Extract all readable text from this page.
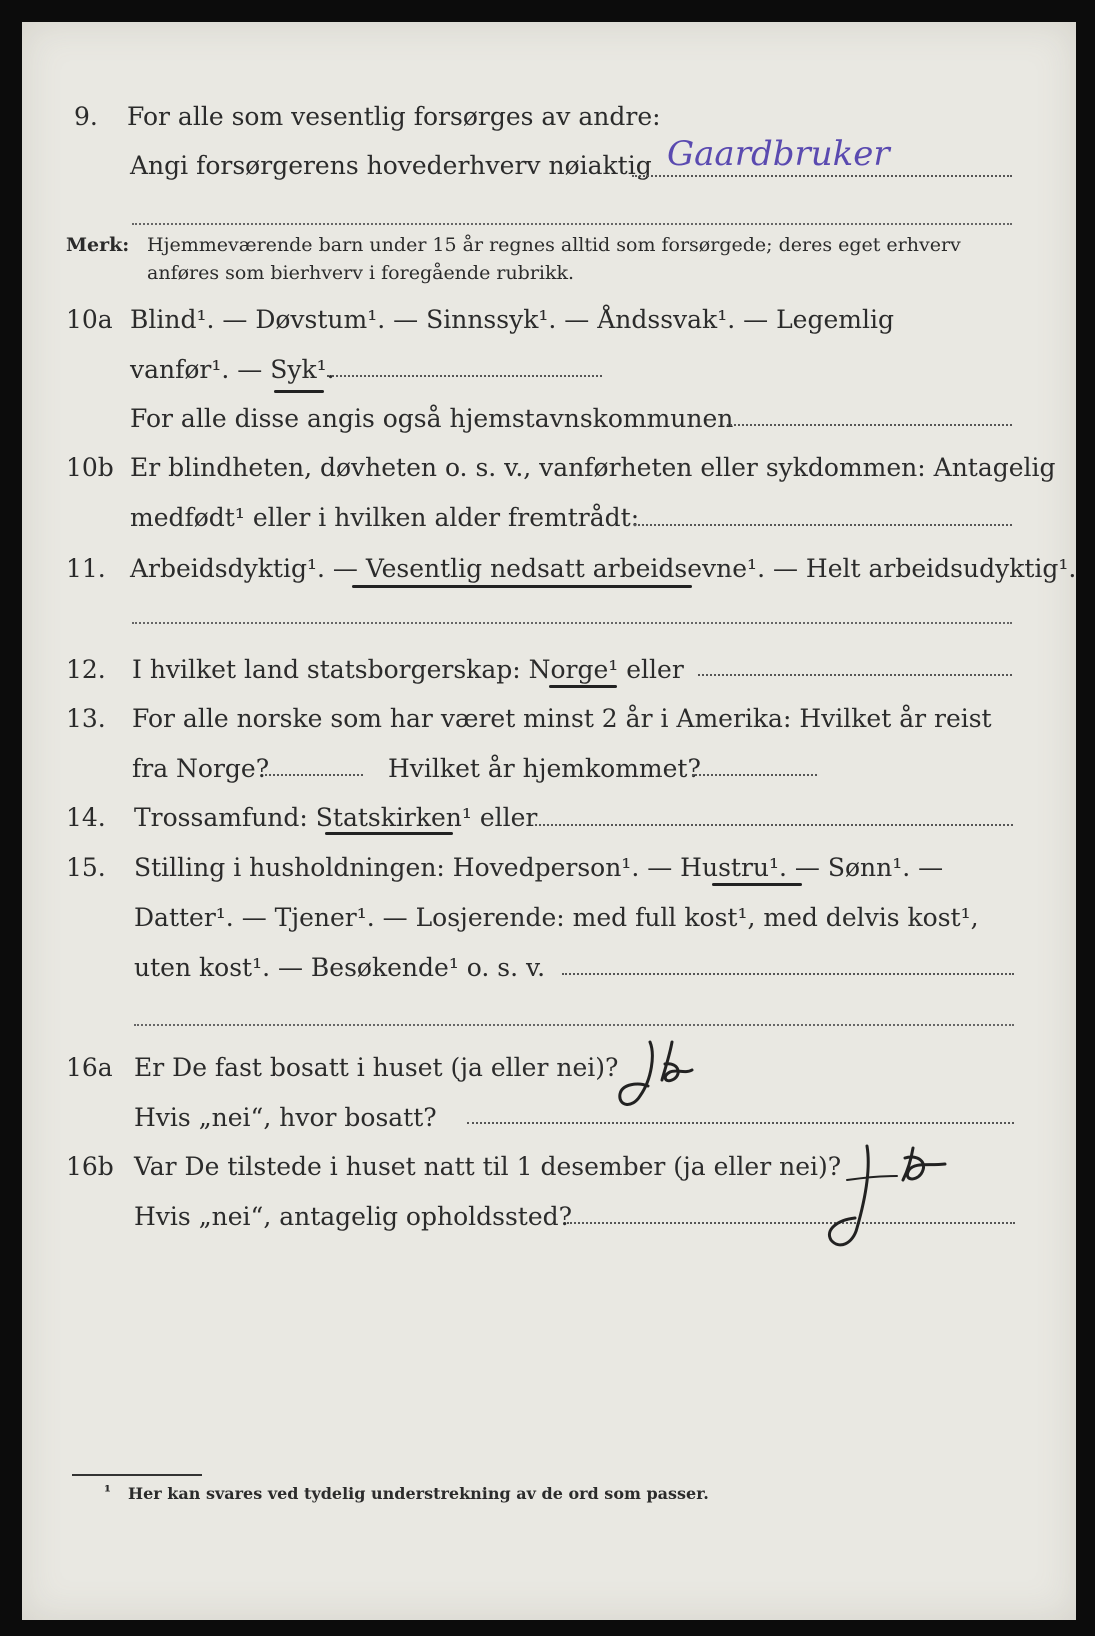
9. For alle som vesentlig forsørges av andre:
Angi forsørgerens hovederhverv nøiaktig Gaardbruker
Merk: Hjemmeværende barn under 15 år regnes alltid som forsørgede; deres eget erhverv
anføres som bierhverv i foregående rubrikk.
10a Blind¹. — Døvstum¹. — Sinnssyk¹. — Åndssvak¹. — Legemlig
vanfør¹. — Syk¹.
For alle disse angis også hjemstavnskommunen
10b Er blindheten, døvheten o. s. v., vanførheten eller sykdommen: Antagelig
medfødt¹ eller i hvilken alder fremtrådt:
11. Arbeidsdyktig¹. — Vesentlig nedsatt arbeidsevne¹. — Helt arbeidsudyktig¹.
12. I hvilket land statsborgerskap: Norge¹ eller
13. For alle norske som har været minst 2 år i Amerika: Hvilket år reist
fra Norge?	Hvilket år hjemkommet?
14. Trossamfund: Statskirken¹ eller
15. Stilling i husholdningen: Hovedperson¹. — Hustru¹. — Sønn¹. —
Datter¹. — Tjener¹. — Losjerende: med full kost¹, med delvis kost¹,
uten kost¹. — Besøkende¹ o. s. v.
16a Er De fast bosatt i huset (ja eller nei)?
Hvis „nei“, hvor bosatt?
16b Var De tilstede i huset natt til 1 desember (ja eller nei)?
Hvis „nei“, antagelig opholdssted?
¹ Her kan svares ved tydelig understrekning av de ord som passer.
